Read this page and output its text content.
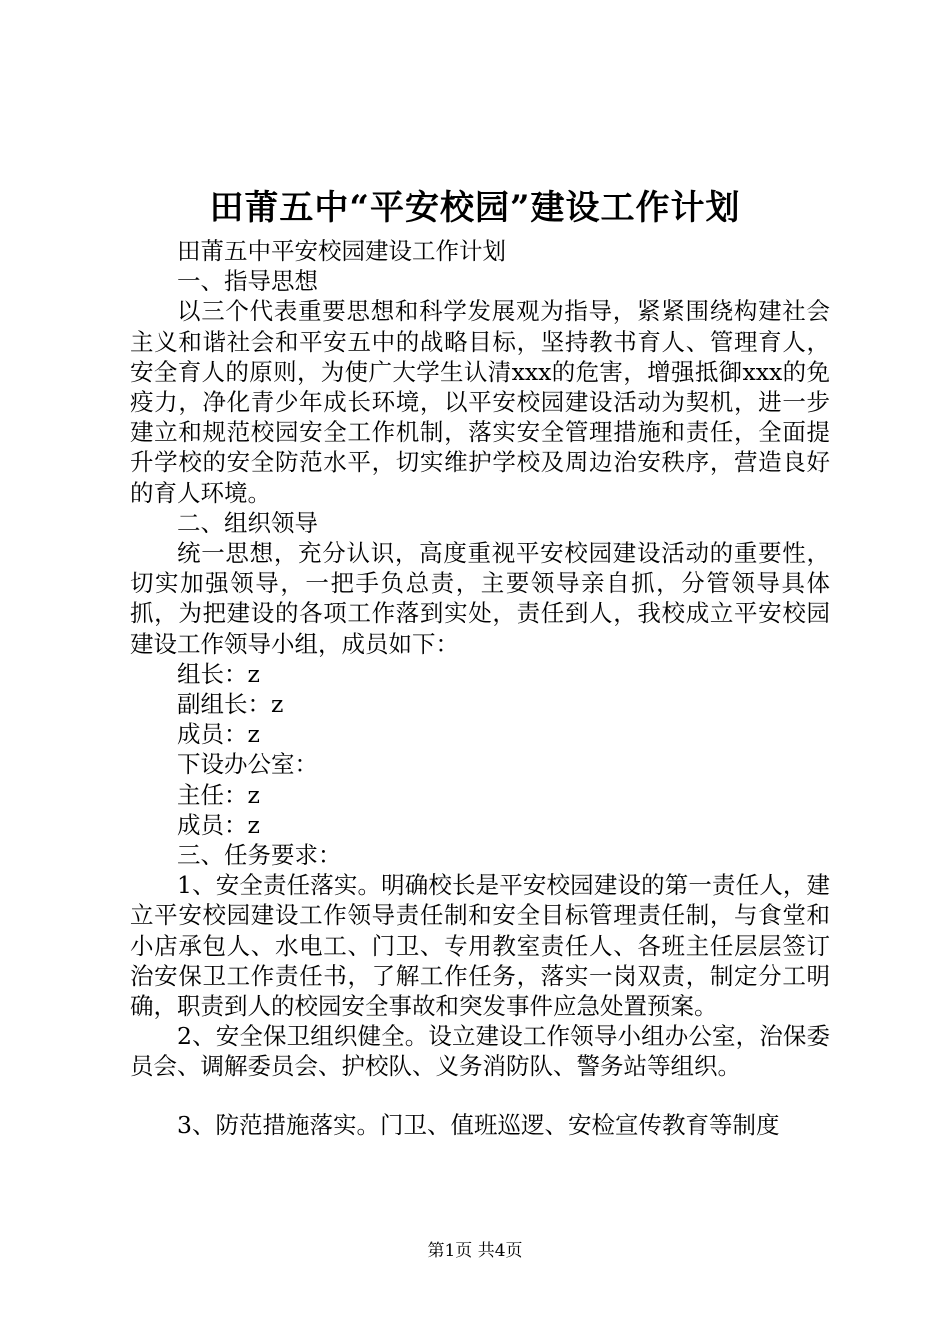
田莆五中“平安校园”建设工作计划

田莆五中平安校园建设工作计划

一、指导思想

以三个代表重要思想和科学发展观为指导，紧紧围绕构建社会主义和谐社会和平安五中的战略目标，坚持教书育人、管理育人，安全育人的原则，为使广大学生认清xxx的危害，增强抵御xxx的免疫力，净化青少年成长环境，以平安校园建设活动为契机，进一步建立和规范校园安全工作机制，落实安全管理措施和责任，全面提升学校的安全防范水平，切实维护学校及周边治安秩序，营造良好的育人环境。

二、组织领导

统一思想，充分认识，高度重视平安校园建设活动的重要性，切实加强领导，一把手负总责，主要领导亲自抓，分管领导具体抓，为把建设的各项工作落到实处，责任到人，我校成立平安校园建设工作领导小组，成员如下：

组长：z

副组长：z

成员：z

下设办公室：

主任：z

成员：z

三、任务要求：

1、安全责任落实。明确校长是平安校园建设的第一责任人，建立平安校园建设工作领导责任制和安全目标管理责任制，与食堂和小店承包人、水电工、门卫、专用教室责任人、各班主任层层签订治安保卫工作责任书，了解工作任务，落实一岗双责，制定分工明确，职责到人的校园安全事故和突发事件应急处置预案。

2、安全保卫组织健全。设立建设工作领导小组办公室，治保委员会、调解委员会、护校队、义务消防队、警务站等组织。

3、防范措施落实。门卫、值班巡逻、安检宣传教育等制度

第1页 共4页
